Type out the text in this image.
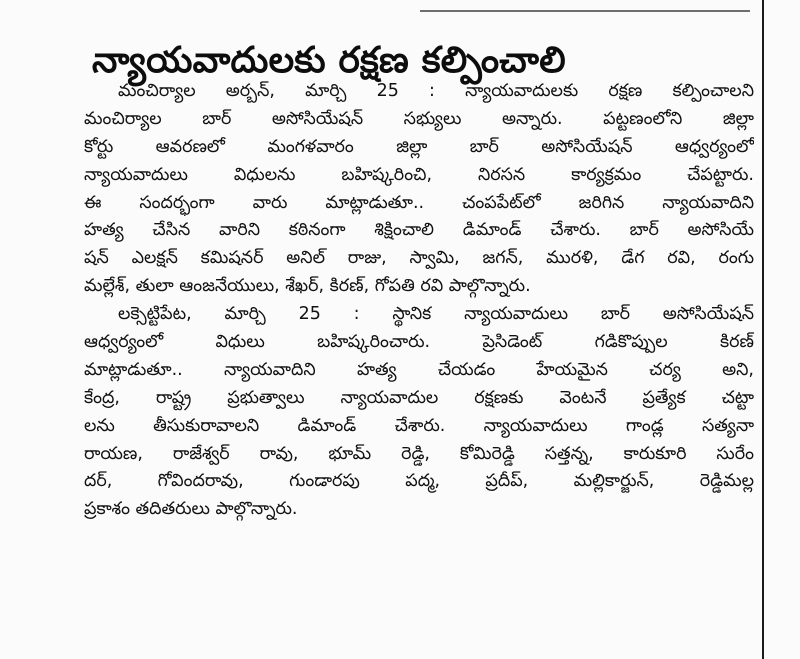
న్యాయవాదులకు రక్షణ కల్పించాలి
మంచిర్యాల అర్బన్, మార్చి 25 : న్యాయవాదులకు రక్షణ కల్పించాలని
మంచిర్యాల బార్ అసోసియేషన్ సభ్యులు అన్నారు. పట్టణంలోని జిల్లా
కోర్టు ఆవరణలో మంగళవారం జిల్లా బార్ అసోసియేషన్ ఆధ్వర్యంలో
న్యాయవాదులు విధులను బహిష్కరించి, నిరసన కార్యక్రమం చేపట్టారు.
ఈ సందర్భంగా వారు మాట్లాడుతూ.. చంపపేట్‌లో జరిగిన న్యాయవాదిని
హత్య చేసిన వారిని కఠినంగా శిక్షించాలి డిమాండ్ చేశారు. బార్ అసోసియే
షన్ ఎలక్షన్ కమిషనర్ అనిల్ రాజు, స్వామి, జగన్, మురళి, డేగ రవి, రంగు
మల్లేశ్, తులా ఆంజనేయులు, శేఖర్, కిరణ్, గోపతి రవి పాల్గొన్నారు.
లక్సెట్టిపేట, మార్చి 25 : స్థానిక న్యాయవాదులు బార్ అసోసియేషన్
ఆధ్వర్యంలో విధులు బహిష్కరించారు. ప్రెసిడెంట్ గడికొప్పుల కిరణ్
మాట్లాడుతూ.. న్యాయవాదిని హత్య చేయడం హేయమైన చర్య అని,
కేంద్ర, రాష్ట్ర ప్రభుత్వాలు న్యాయవాదుల రక్షణకు వెంటనే ప్రత్యేక చట్టా
లను తీసుకురావాలని డిమాండ్ చేశారు. న్యాయవాదులు గాండ్ల సత్యనా
రాయణ, రాజేశ్వర్ రావు, భూమ్ రెడ్డి, కోమిరెడ్డి సత్తన్న, కారుకూరి సురేం
దర్, గోవిందరావు, గుండారపు పద్మ, ప్రదీప్, మల్లికార్జున్, రెడ్డిమల్ల
ప్రకాశం తదితరులు పాల్గొన్నారు.
